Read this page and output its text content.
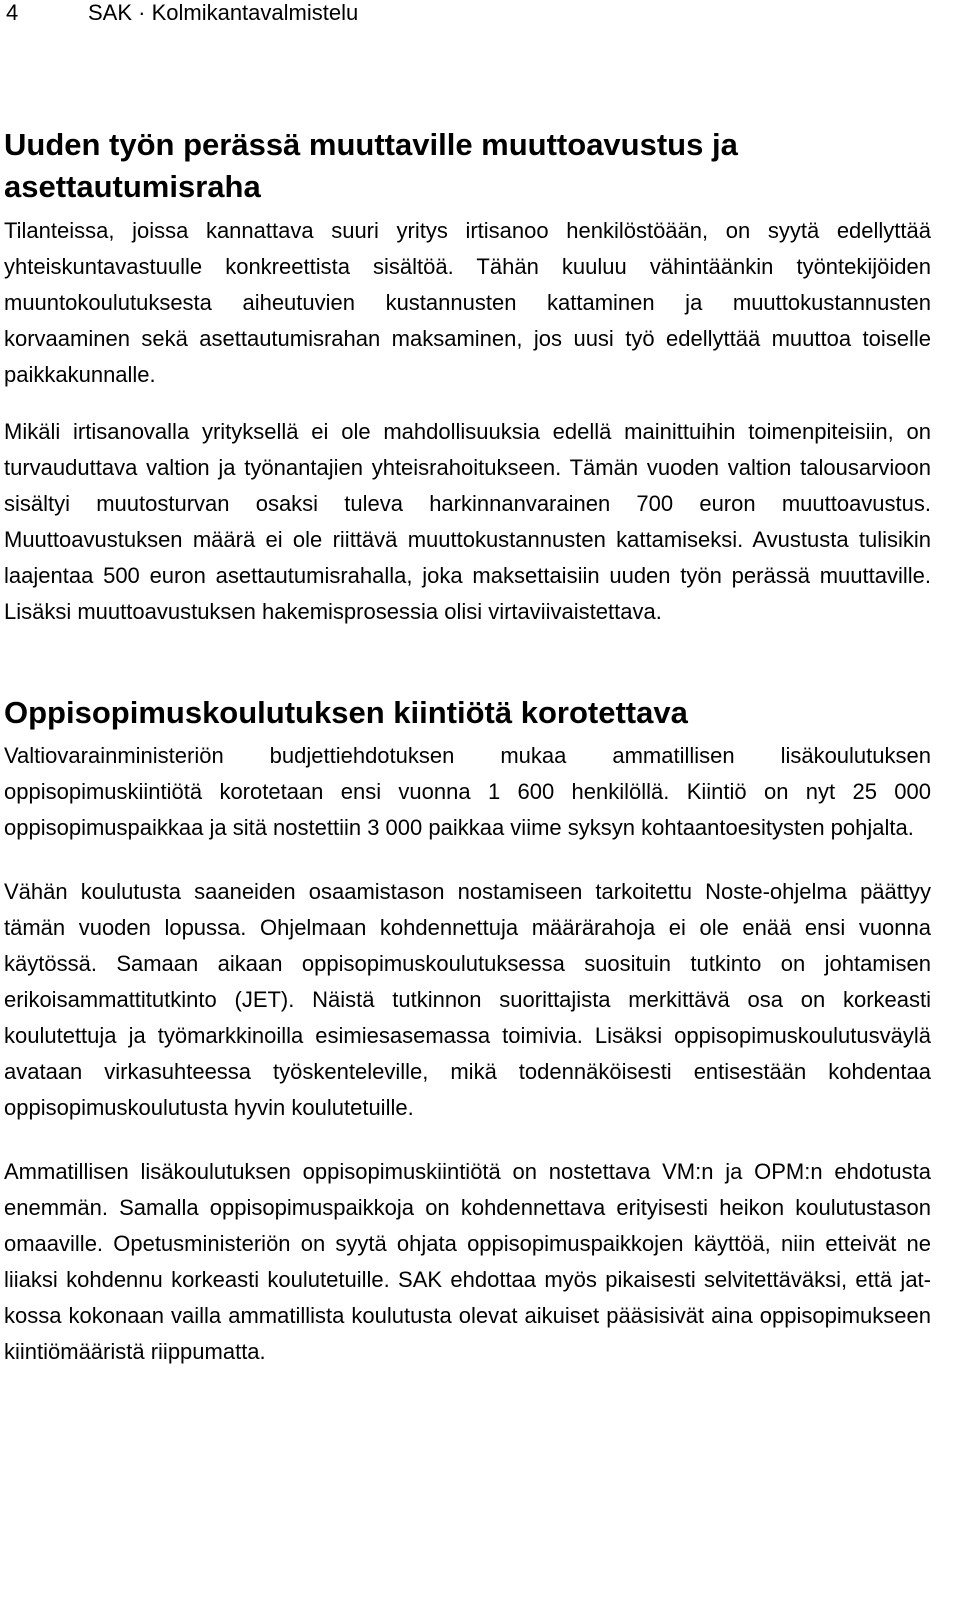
4	SAK · Kolmikantavalmistelu
Uuden työn perässä muuttaville muuttoavustus ja asettautumisraha

Tilanteissa, joissa kannattava suuri yritys irtisanoo henkilöstöään, on syytä edellyttää yhteiskuntavastuulle konkreettista sisältöä. Tähän kuuluu vähintäänkin työntekijöiden muuntokoulutuksesta aiheutuvien kustannusten kattaminen ja muuttokustannusten korvaaminen sekä asettautumisrahan maksaminen, jos uusi työ edellyttää muuttoa toiselle paikkakunnalle.

Mikäli irtisanovalla yrityksellä ei ole mahdollisuuksia edellä mainittuihin toimenpiteisiin, on turvauduttava valtion ja työnantajien yhteisrahoitukseen. Tämän vuoden valtion talousarvioon sisältyi muutosturvan osaksi tuleva harkinnanvarainen 700 euron muuttoavustus. Muuttoavustuksen määrä ei ole riittävä muuttokustannusten kattamiseksi. Avustusta tulisikin laajentaa 500 euron asettautumisrahalla, joka maksettaisiin uuden työn perässä muuttaville. Lisäksi muuttoavustuksen hakemisprosessia olisi virtaviivaistettava.

Oppisopimuskoulutuksen kiintiötä korotettava

Valtiovarainministeriön budjettiehdotuksen mukaa ammatillisen lisäkoulutuksen oppisopimuskiintiötä korotetaan ensi vuonna 1 600 henkilöllä. Kiintiö on nyt 25 000 oppisopimuspaikkaa ja sitä nostettiin 3 000 paikkaa viime syksyn kohtaantoesitysten pohjalta.

Vähän koulutusta saaneiden osaamistason nostamiseen tarkoitettu Noste-ohjelma päättyy tämän vuoden lopussa. Ohjelmaan kohdennettuja määrärahoja ei ole enää ensi vuonna käytössä. Samaan aikaan oppisopimuskoulutuksessa suosituin tutkinto on johtamisen erikoisammattitutkinto (JET). Näistä tutkinnon suorittajista merkittävä osa on korkeasti koulutettuja ja työmarkkinoilla esimiesasemassa toimivia. Lisäksi oppisopimuskoulutusväylä avataan virkasuhteessa työskenteleville, mikä todennäköisesti entisestään kohdentaa oppisopimuskoulutusta hyvin koulutetuille.

Ammatillisen lisäkoulutuksen oppisopimuskiintiötä on nostettava VM:n ja OPM:n ehdotusta enemmän. Samalla oppisopimuspaikkoja on kohdennettava erityisesti heikon koulutustason omaaville. Opetusministeriön on syytä ohjata oppisopimuspaikkojen käyttöä, niin etteivät ne liiaksi kohdennu korkeasti koulutetuille. SAK ehdottaa myös pikaisesti selvitettäväksi, että jatkossa kokonaan vailla ammatillista koulutusta olevat aikuiset pääsisivät aina oppisopimukseen kiintiömääristä riippumatta.
